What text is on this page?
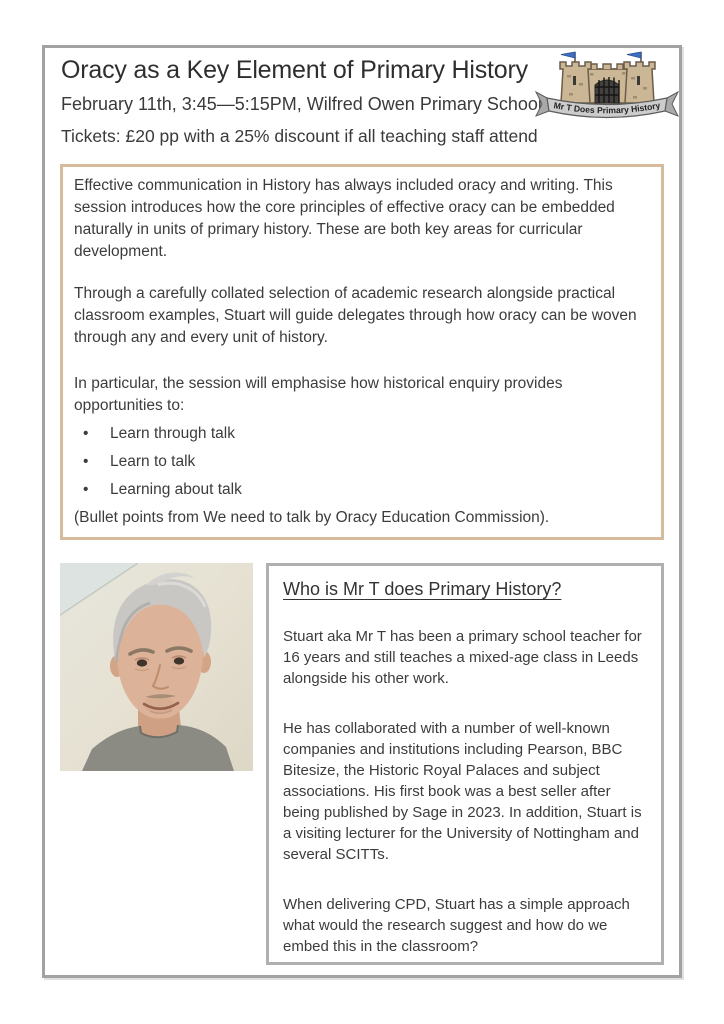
Oracy as a Key Element of Primary History
Mr T Does Primary History
February 11th, 3:45—5:15PM, Wilfred Owen Primary School
Tickets: £20 pp with a 25% discount if all teaching staff attend

Effective communication in History has always included oracy and writing. This session introduces how the core principles of effective oracy can be embedded naturally in units of primary history. These are both key areas for curricular development.

Through a carefully collated selection of academic research alongside practical classroom examples, Stuart will guide delegates through how oracy can be woven through any and every unit of history.

In particular, the session will emphasise how historical enquiry provides opportunities to:

• Learn through talk
• Learn to talk
• Learning about talk

(Bullet points from We need to talk by Oracy Education Commission).

Who is Mr T does Primary History?

Stuart aka Mr T has been a primary school teacher for 16 years and still teaches a mixed-age class in Leeds alongside his other work.

He has collaborated with a number of well-known companies and institutions including Pearson, BBC Bitesize, the Historic Royal Palaces and subject associations. His first book was a best seller after being published by Sage in 2023. In addition, Stuart is a visiting lecturer for the University of Nottingham and several SCITTs.

When delivering CPD, Stuart has a simple approach what would the research suggest and how do we embed this in the classroom?
